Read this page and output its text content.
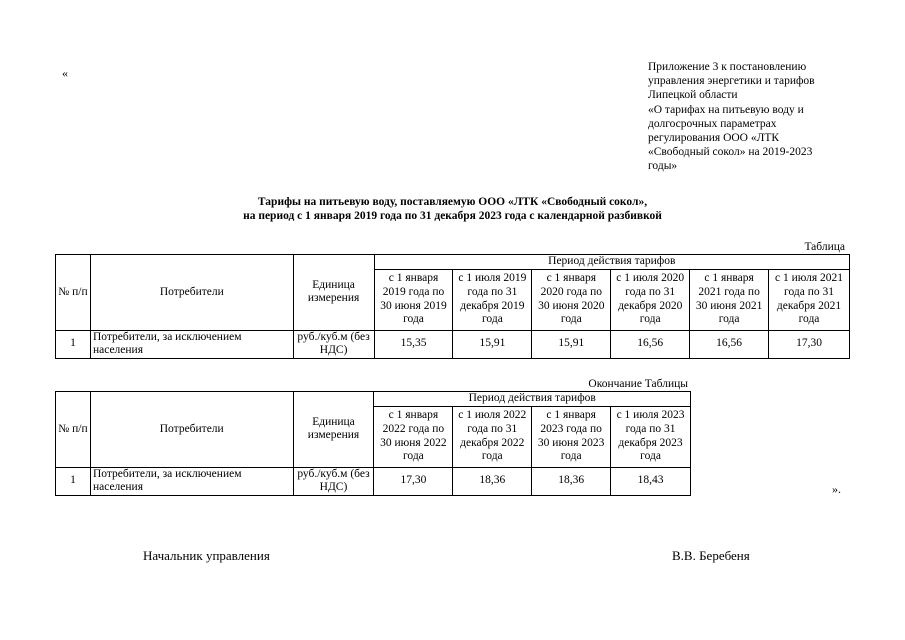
«	Приложение 3 к постановлению
управления энергетики и тарифов
Липецкой области
«О тарифах на питьевую воду и
долгосрочных параметрах
регулирования ООО «ЛТК
«Свободный сокол» на 2019-2023
годы»
Тарифы на питьевую воду, поставляемую ООО «ЛТК «Свободный сокол»,
на период с 1 января 2019 года по 31 декабря 2023 года с календарной разбивкой
Таблица
№ п/п	Потребители	Единица измерения	Период действия тарифов					
			с 1 января 2019 года по 30 июня 2019 года	с 1 июля 2019 года по 31 декабря 2019 года	с 1 января 2020 года по 30 июня 2020 года	с 1 июля 2020 года по 31 декабря 2020 года	с 1 января 2021 года по 30 июня 2021 года	с 1 июля 2021 года по 31 декабря 2021 года
1	Потребители, за исключением населения	руб./куб.м (без НДС)	15,35	15,91	15,91	16,56	16,56	17,30
Окончание Таблицы
№ п/п	Потребители	Единица измерения	Период действия тарифов			
			с 1 января 2022 года по 30 июня 2022 года	с 1 июля 2022 года по 31 декабря 2022 года	с 1 января 2023 года по 30 июня 2023 года	с 1 июля 2023 года по 31 декабря 2023 года
1	Потребители, за исключением населения	руб./куб.м (без НДС)	17,30	18,36	18,36	18,43
».
Начальник управления	В.В. Беребеня
